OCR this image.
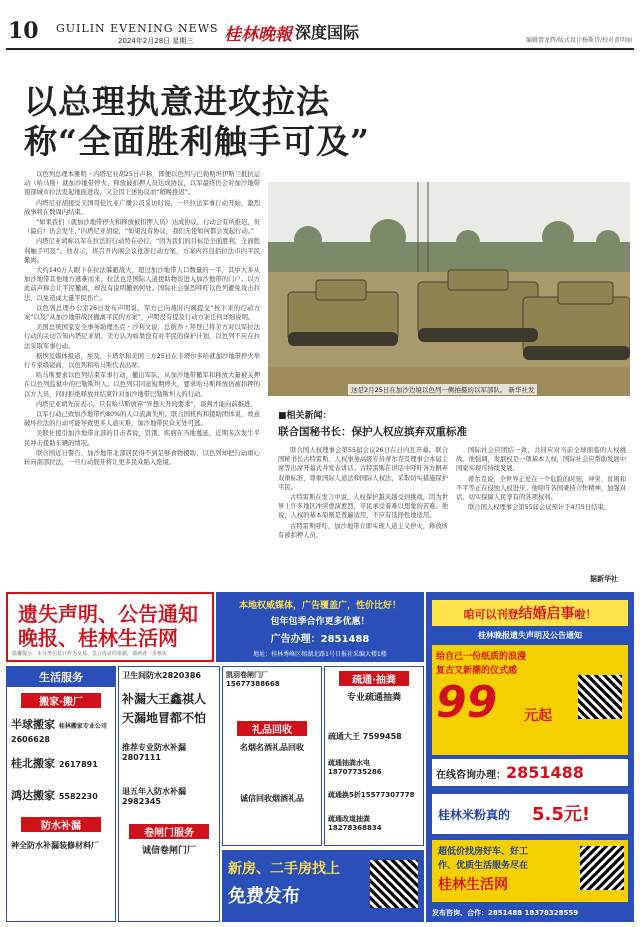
10 GUILIN EVENING NEWS
2024年2月28日 星期三 桂林晚報 深度国际	编辑曾龙辉/版式设计杨斯诗/校对黄明丽
以总理执意进攻拉法
称“全面胜利触手可及”

以色列总理本雅明・内塔尼亚胡25日声称，即便以色列与巴勒斯坦伊斯兰抵抗运动（哈马斯）就加沙地带停火、释放被扣押人员达成协议，以军最终仍会对加沙地带南部城市拉法发起地面进攻，又会因上述协议而“稍晚推迟”。

内塔尼亚胡接受美国哥伦比亚广播公司采访时说，一旦拉法军事行动开始，激烈战事将在数周内结束。

“如果我们（就加沙地带停火和释放被扣押人员）达成协议，行动会有所推迟，但（最后）仍会发生，”内塔尼亚胡说，“如果没有协议，我们无论如何都会发起行动。”

内塔尼亚胡称以军在拉法的行动势在必行，“因为我们的目标是全面胜利，全面胜利触手可及”。他表示，将召开内阁会议批准行动方案，方案内容包括拉法市内平民撤离。

大约140万人眼下在拉法躲避战火，超过加沙地带人口数量的一半，其中大多从加沙地带其他地方逃难而来。拉法也是国际人道援助物资进入加沙地带的门户。以方此前声称会让平民撤离，却没有说明撤到何处。国际社会强烈呼吁以色列避免攻击拉法，以免造成大量平民伤亡。

以色列总理办公室26日发布声明说，军方已向战时内阁提交“按下来的行动方案”以及“从加沙地带战区撤离平民的方案”，声明没有提及行动方案任何详细说明。

美国总统国家安全事务助理杰克・沙利文说，总统乔・拜登已将美方对以军拉法行动的关切告知内塔尼亚胡。美方认为如果没有对平民的保护计划，以色列不应在拉法采取军事行动。

据埃及媒体报道，埃及、卡塔尔和美国三方25日在卡塔尔多哈就加沙地带停火举行专家级磋商，以色列和哈马斯代表出席。

哈马斯要求以色列结束军事行动、撤出军队，从加沙地带撤军和释放大量被关押在以色列监狱中的巴勒斯坦人。以色列只同意短期停火，要求哈马斯释放仍被扣押的以方人员，同时拒绝释放并结束针对加沙地带巴勒斯坦人的行动。

内塔尼亚胡先前表示，只有哈马斯放弃“异想天开的要求”，谈判才能向前推进。

以军行动已致加沙地带约80%的人口流离失所。联合国机构和援助团体说，故意破坏拉法的行动可能导致更多人道灾难，加沙地带民众无处可逃。

美联社援引加沙地带北部的目击者说，饥饿、疾病在当地蔓延，近期多次发生平民冲击援助车辆的情况。

联合国近日警告，加沙地带北部居民得不到足够食物援助，以色列却把行动重心转向南部拉法，一旦行动展开将让更多民众陷入绝境。

这是2月25日在加沙边境以色列一侧拍摄的以军部队。 新华社发
■相关新闻：
联合国秘书长：保护人权应摈弃双重标准

联合国人权理事会第55届会议26日在日内瓦开幕。联合国秘书长古特雷斯、人权事务高级专员蒂尔克及理事会本届主席等出席开幕式并发表讲话。古特雷斯在讲话中呼吁各方摒弃双重标准，尊重国际人道法和国际人权法，采取切实措施保护平民。

古特雷斯在发言中说，人权保护越来越受到挑战，因为世界上许多地区冲突愈演愈烈，平民承受着难以想象的苦难。他说，人权的基本原则是普遍适用，不应有选择性地适用。

古特雷斯呼吁，加沙地带立即实现人道主义停火，释放所有被扣押人员。

国际社会应团结一致，共同应对当前全球面临的人权挑战。他强调，发展权是一项基本人权，国际社会应帮助发展中国家实现可持续发展。

蒂尔克说，全世界正处在一个危险的时刻，冲突、贫困和不平等正在侵蚀人权进步。他呼吁各国秉持合作精神，加强对话，切实保障人民享有的各项权利。

联合国人权理事会第55届会议预计于4月5日结束。

据新华社
遗失声明、公告通知
晚报、桂林生活网
温馨提示：本分类信息只作为交易、签订协议的依据，请读者一步核实
本地权威媒体，广告覆盖广，性价比好！
包年包季合作更多优惠！
广告办理：2851488
地址：桂林秀峰区榕湖北路1号日报社采编大楼1楼
咱可以刊登结婚启事啦！
桂林晚报遗失声明及公告通知
给自己一份纸质的浪漫
复古又新潮的仪式感
99 元起
在线咨询办理：2851488
桂林米粉真的 5.5元!
超低价找房好车、好工
作、优质生活服务尽在
桂林生活网
发布咨询、合作：2851488 18378328559
生活服务
搬家·搬厂
半球搬家 桂林搬家专业公司 2606628
桂北搬家 2617891
鸿达搬家 5582230
防水补漏
神全防水补漏装修材料厂
卫生间防水2820386
补漏大王鑫祺人
天漏地冒都不怕
推荐专业防水补漏2807111
退五年入防水补漏2982345
卷闸门服务
诚信卷闸门厂
凯羽卷闸门厂15677388668
礼品回收
名烟名酒礼品回收
诚信回收烟酒礼品
疏通·抽粪
专业疏通抽粪
疏通大王 7599458
疏通抽粪水电18707735286
疏通换5折15577307778
疏通改道抽粪18278368834
新房、二手房找上
免费发布
